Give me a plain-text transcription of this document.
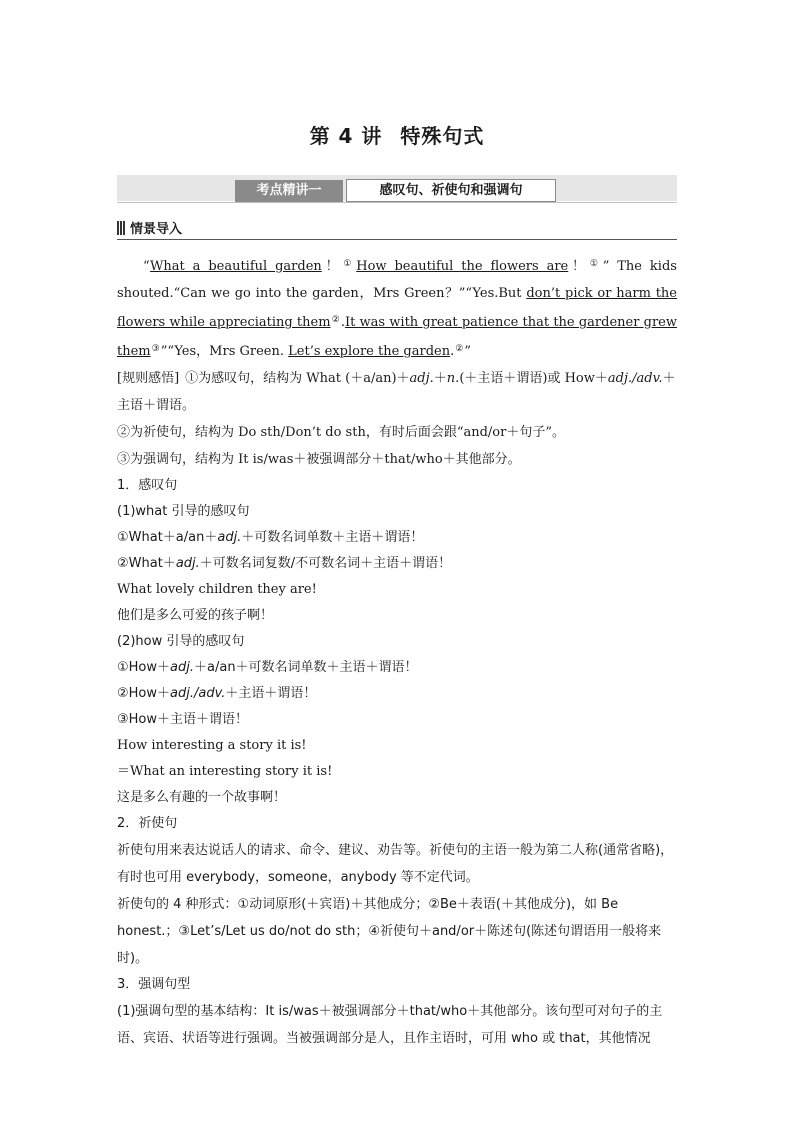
第 4 讲 特殊句式
考点精讲一	感叹句、祈使句和强调句
情景导入

“What a beautiful garden！①How beautiful the flowers are！①” The kids shouted.“Can we go into the garden，Mrs Green？”“Yes.But don’t pick or harm the flowers while appreciating them②.It was with great patience that the gardener grew them③”“Yes，Mrs Green. Let’s explore the garden.②”

[规则感悟] ①为感叹句，结构为 What (＋a/an)＋adj.＋n.(＋主语＋谓语)或 How＋adj./adv.＋主语＋谓语。

②为祈使句，结构为 Do sth/Don’t do sth，有时后面会跟“and/or＋句子”。

③为强调句，结构为 It is/was＋被强调部分＋that/who＋其他部分。

1．感叹句

(1)what 引导的感叹句

①What＋a/an＋adj.＋可数名词单数＋主语＋谓语！

②What＋adj.＋可数名词复数/不可数名词＋主语＋谓语！

What lovely children they are!

他们是多么可爱的孩子啊！

(2)how 引导的感叹句

①How＋adj.＋a/an＋可数名词单数＋主语＋谓语！

②How＋adj./adv.＋主语＋谓语！

③How＋主语＋谓语！

How interesting a story it is!

＝What an interesting story it is!

这是多么有趣的一个故事啊！

2．祈使句

祈使句用来表达说话人的请求、命令、建议、劝告等。祈使句的主语一般为第二人称(通常省略)，有时也可用 everybody，someone，anybody 等不定代词。

祈使句的 4 种形式：①动词原形(＋宾语)＋其他成分；②Be＋表语(＋其他成分)，如 Be honest.；③Let’s/Let us do/not do sth；④祈使句＋and/or＋陈述句(陈述句谓语用一般将来时)。

3．强调句型

(1)强调句型的基本结构：It is/was＋被强调部分＋that/who＋其他部分。该句型可对句子的主语、宾语、状语等进行强调。当被强调部分是人，且作主语时，可用 who 或 that，其他情况
